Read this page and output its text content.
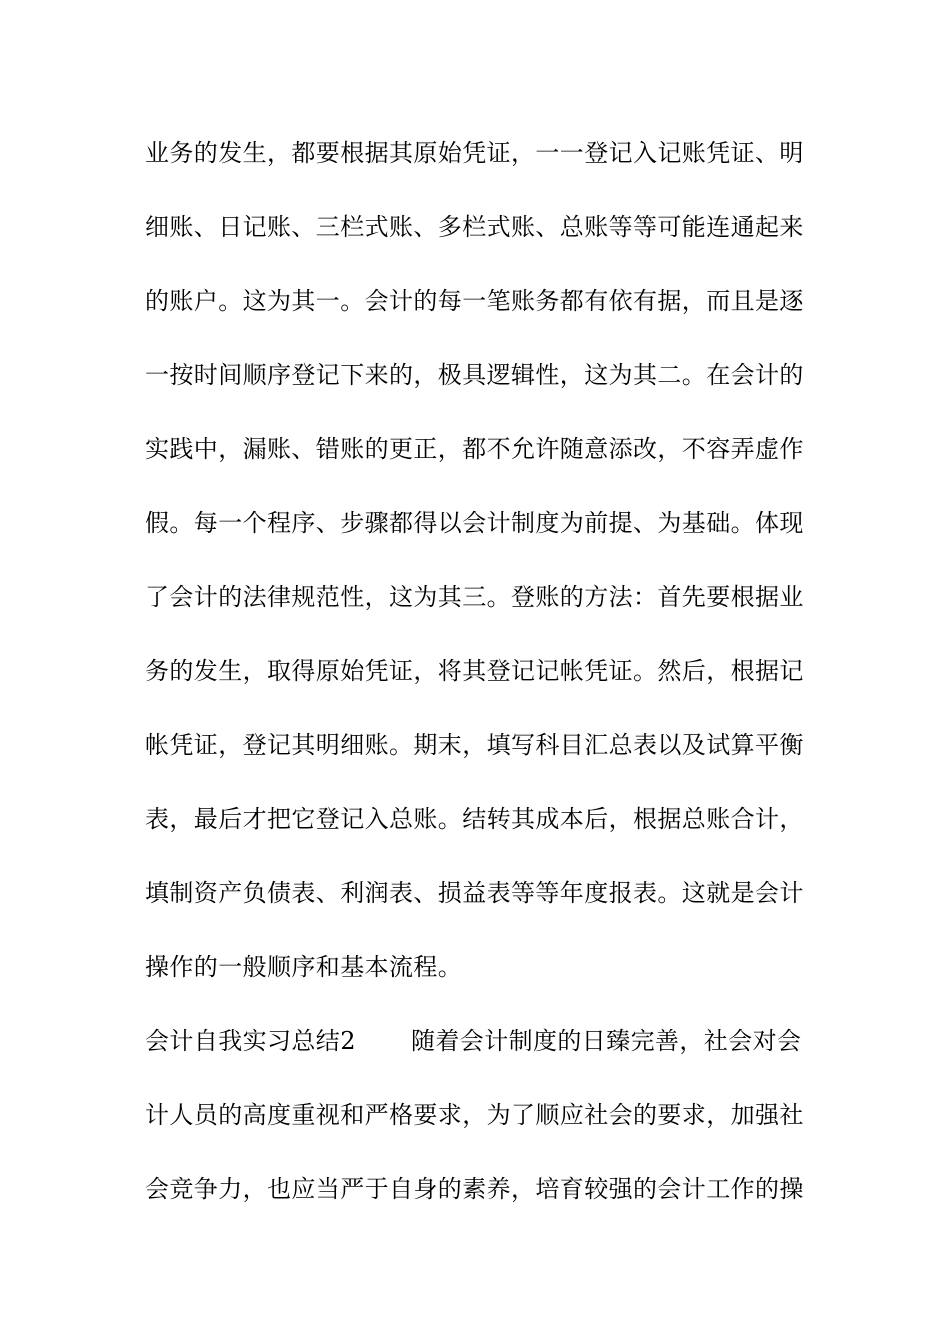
业务的发生，都要根据其原始凭证，一一登记入记账凭证、明
细账、日记账、三栏式账、多栏式账、总账等等可能连通起来
的账户。这为其一。会计的每一笔账务都有依有据，而且是逐
一按时间顺序登记下来的，极具逻辑性，这为其二。在会计的
实践中，漏账、错账的更正，都不允许随意添改，不容弄虚作
假。每一个程序、步骤都得以会计制度为前提、为基础。体现
了会计的法律规范性，这为其三。登账的方法：首先要根据业
务的发生，取得原始凭证，将其登记记帐凭证。然后，根据记
帐凭证，登记其明细账。期末，填写科目汇总表以及试算平衡
表，最后才把它登记入总账。结转其成本后，根据总账合计，
填制资产负债表、利润表、损益表等等年度报表。这就是会计
操作的一般顺序和基本流程。
会计自我实习总结2 随着会计制度的日臻完善，社会对会
计人员的高度重视和严格要求，为了顺应社会的要求，加强社
会竞争力，也应当严于自身的素养，培育较强的会计工作的操
